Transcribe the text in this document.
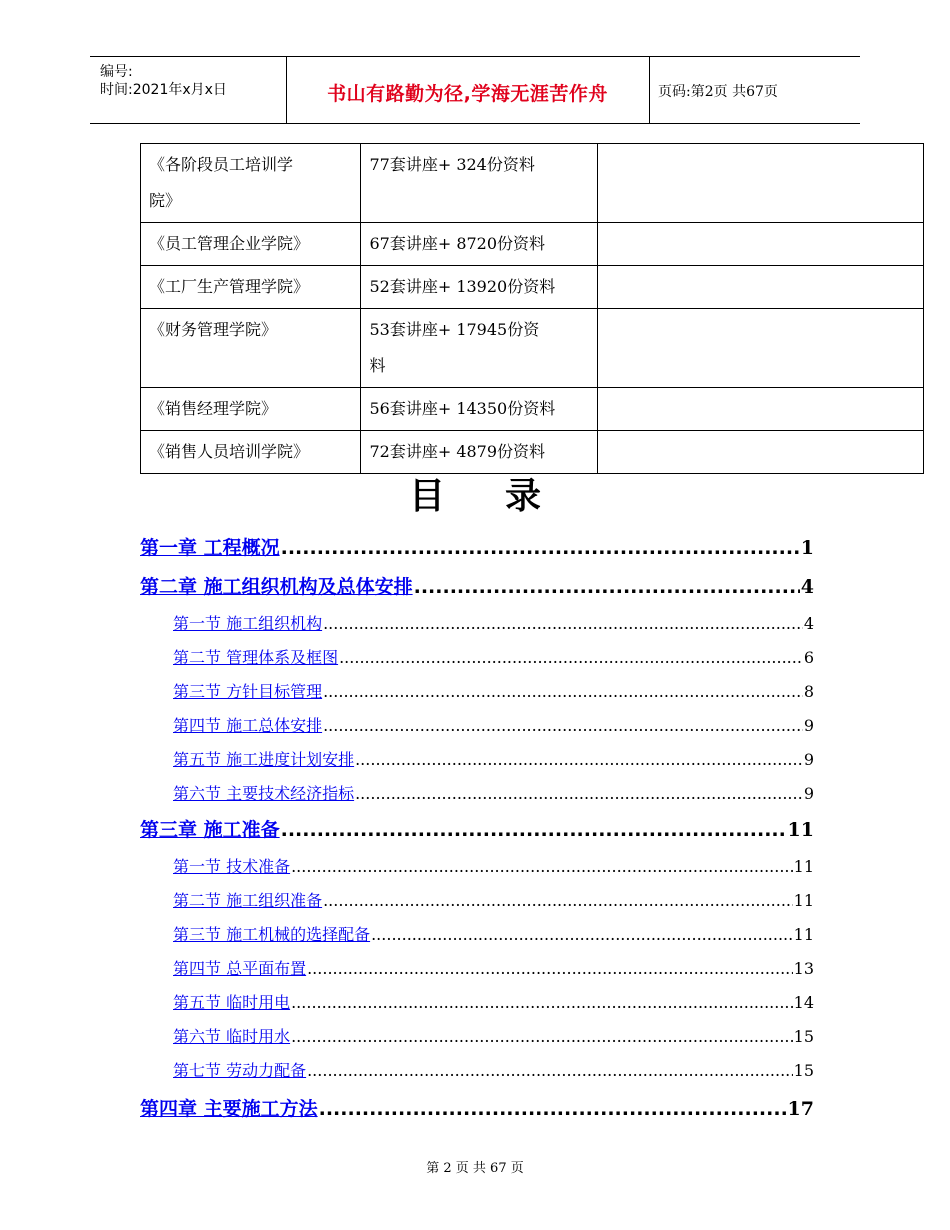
编号:
时间:2021年x月x日	书山有路勤为径,学海无涯苦作舟	页码:第2页 共67页
《各阶段员工培训学
院》	77套讲座+ 324份资料	
《员工管理企业学院》	67套讲座+ 8720份资料	
《工厂生产管理学院》	52套讲座+ 13920份资料	
《财务管理学院》	53套讲座+ 17945份资
料	
《销售经理学院》	56套讲座+ 14350份资料	
《销售人员培训学院》	72套讲座+ 4879份资料	
目 录
第一章 工程概况 .....	1
第二章 施工组织机构及总体安排 .....	4
第一节 施工组织机构 .....	4
第二节 管理体系及框图 .....	6
第三节 方针目标管理 .....	8
第四节 施工总体安排 .....	9
第五节 施工进度计划安排 .....	9
第六节 主要技术经济指标 .....	9
第三章 施工准备 .....	11
第一节 技术准备 .....	11
第二节 施工组织准备 .....	11
第三节 施工机械的选择配备 .....	11
第四节 总平面布置 .....	13
第五节 临时用电 .....	14
第六节 临时用水 .....	15
第七节 劳动力配备 .....	15
第四章 主要施工方法 .....	17
第 2 页 共 67 页
